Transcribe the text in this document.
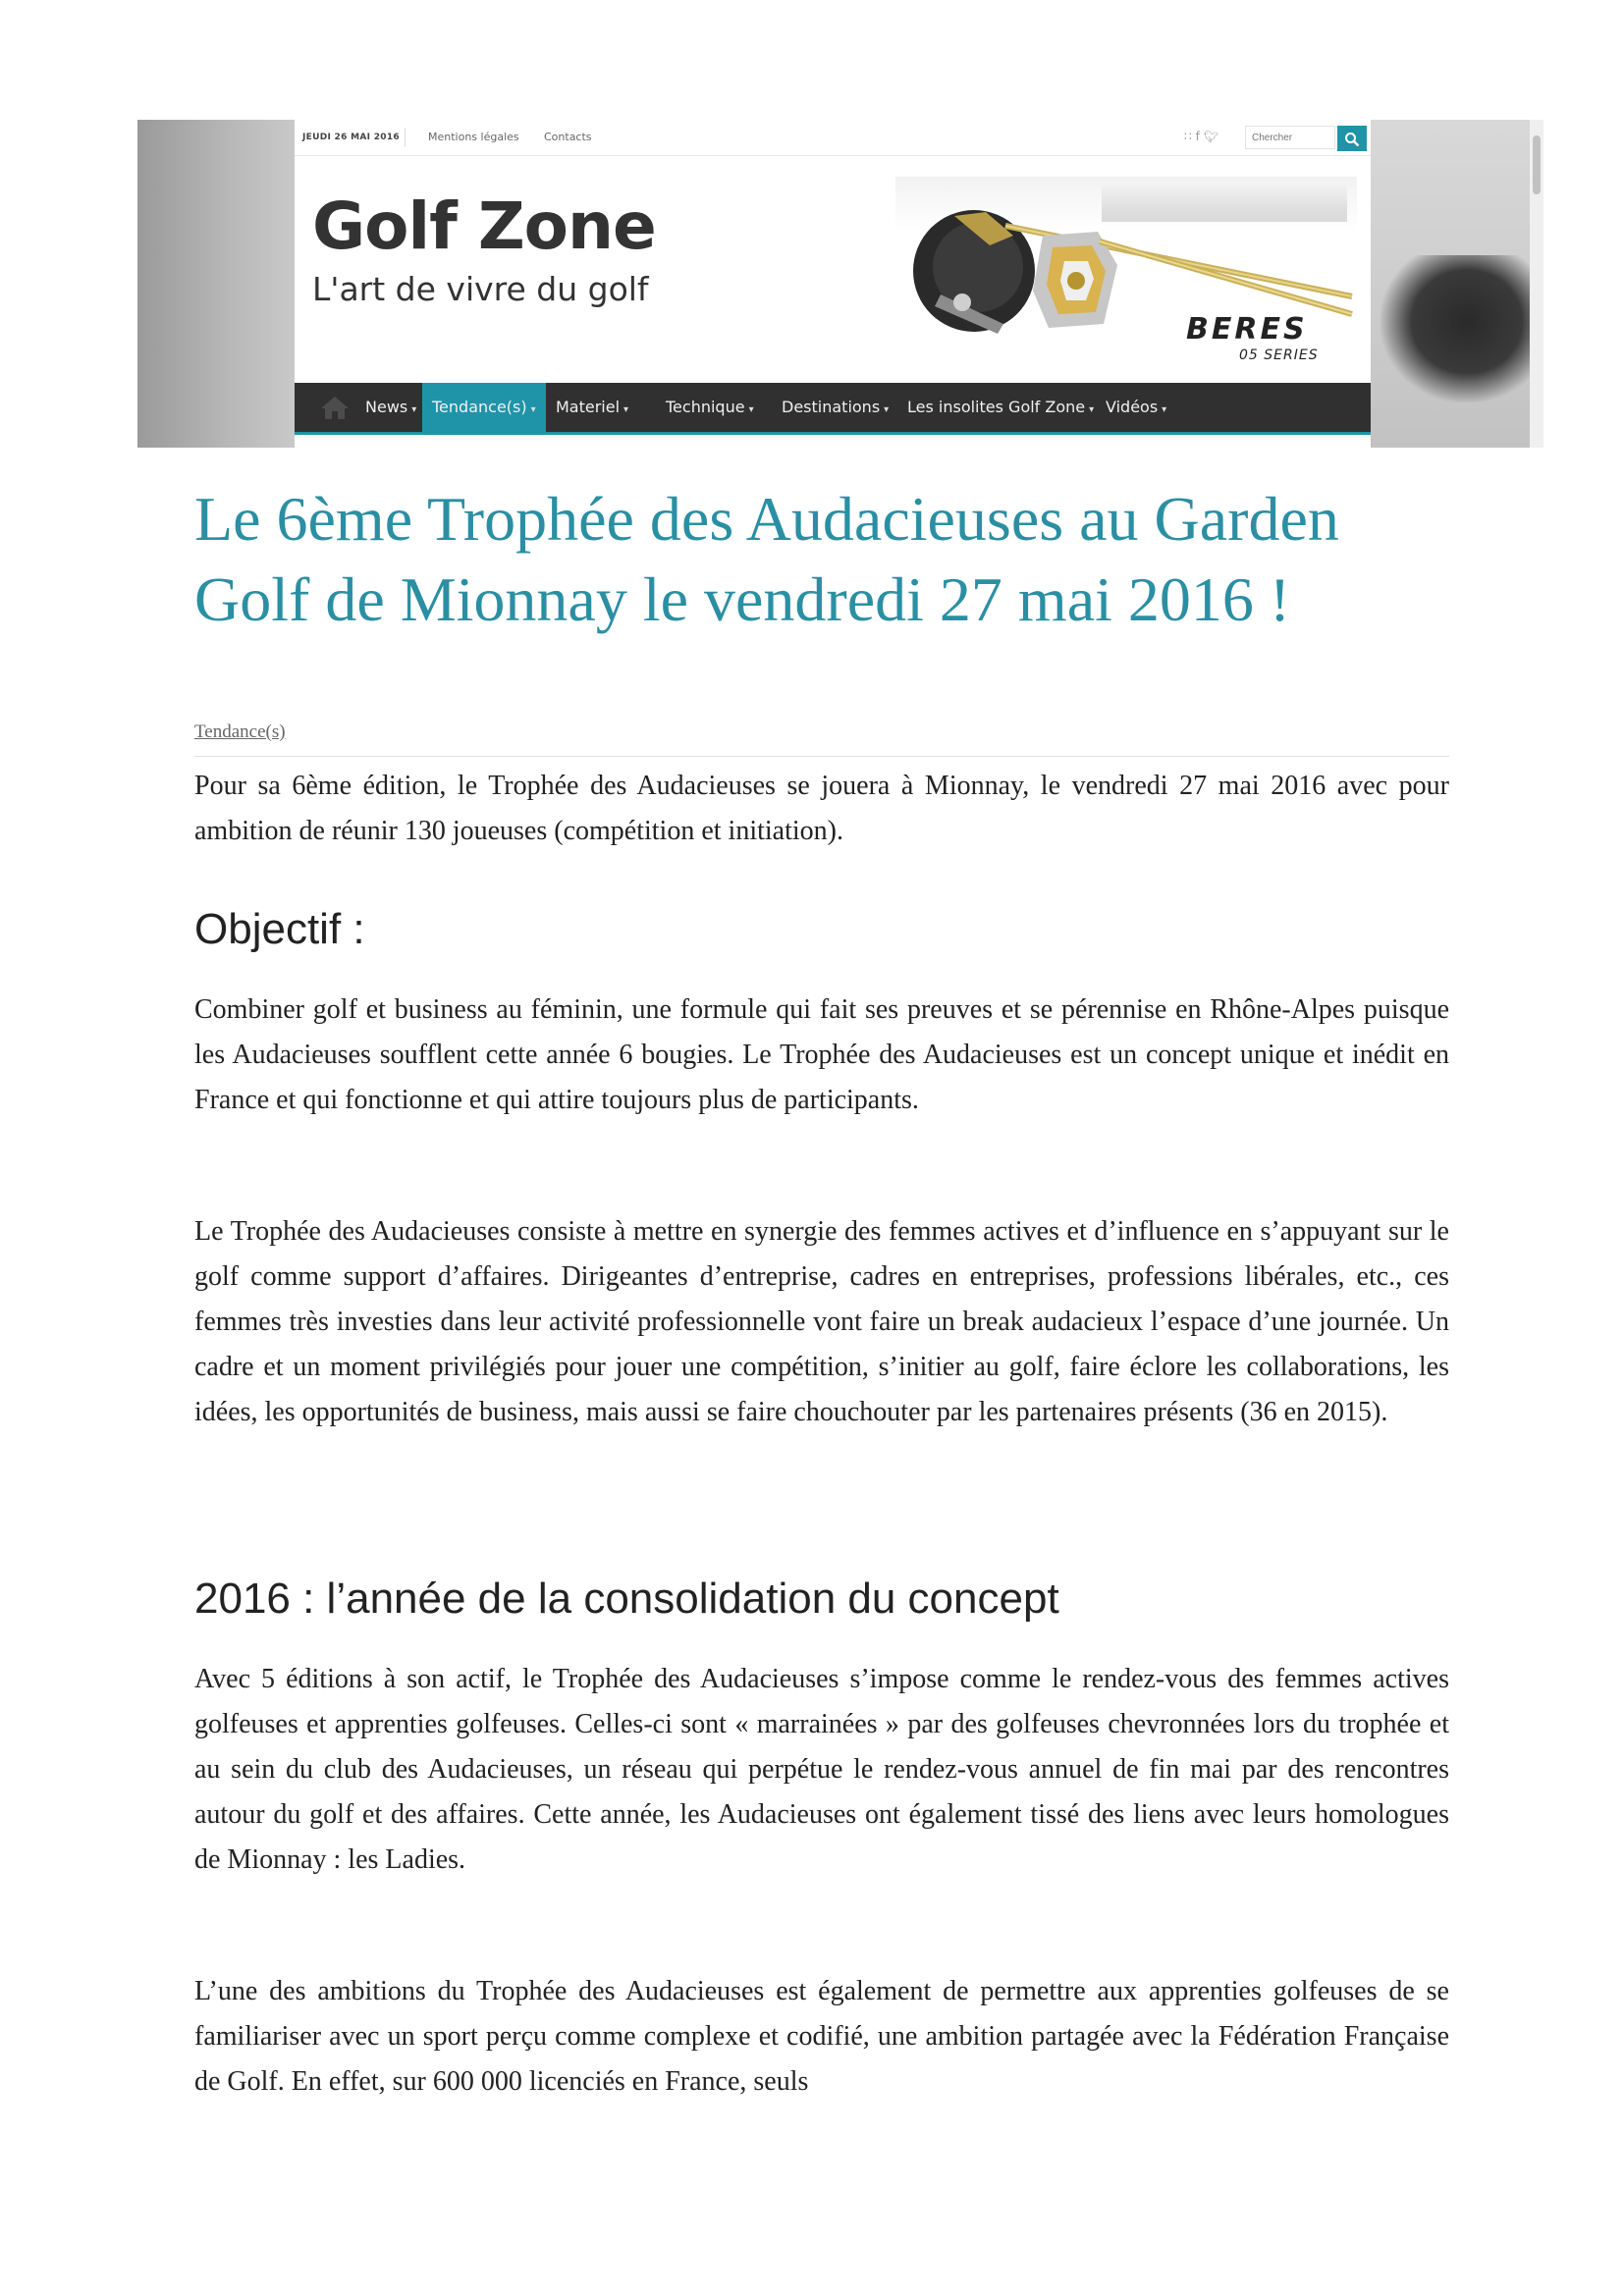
JEUDI 26 MAI 2016	Mentions légales Contacts	∷f🐦︎
Chercher
Golf Zone
L'art de vivre du golf
BERES
05 SERIES
News ▾ Tendance(s) ▾	Materiel ▾ Technique ▾ Destinations ▾ Les insolites Golf Zone ▾ Vidéos ▾
Le 6ème Trophée des Audacieuses au Garden Golf de Mionnay le vendredi 27 mai 2016 !
Tendance(s)

Pour sa 6ème édition, le Trophée des Audacieuses se jouera à Mionnay, le vendredi 27 mai 2016 avec pour ambition de réunir 130 joueuses (compétition et initiation).

Objectif :

Combiner golf et business au féminin, une formule qui fait ses preuves et se pérennise en Rhône-Alpes puisque les Audacieuses soufflent cette année 6 bougies. Le Trophée des Audacieuses est un concept unique et inédit en France et qui fonctionne et qui attire toujours plus de participants.

Le Trophée des Audacieuses consiste à mettre en synergie des femmes actives et d’influence en s’appuyant sur le golf comme support d’affaires. Dirigeantes d’entreprise, cadres en entreprises, professions libérales, etc., ces femmes très investies dans leur activité professionnelle vont faire un break audacieux l’espace d’une journée. Un cadre et un moment privilégiés pour jouer une compétition, s’initier au golf, faire éclore les collaborations, les idées, les opportunités de business, mais aussi se faire chouchouter par les partenaires présents (36 en 2015).

2016 : l’année de la consolidation du concept

Avec 5 éditions à son actif, le Trophée des Audacieuses s’impose comme le rendez-vous des femmes actives golfeuses et apprenties golfeuses. Celles-ci sont « marrainées » par des golfeuses chevronnées lors du trophée et au sein du club des Audacieuses, un réseau qui perpétue le rendez-vous annuel de fin mai par des rencontres autour du golf et des affaires. Cette année, les Audacieuses ont également tissé des liens avec leurs homologues de Mionnay : les Ladies.

L’une des ambitions du Trophée des Audacieuses est également de permettre aux apprenties golfeuses de se familiariser avec un sport perçu comme complexe et codifié, une ambition partagée avec la Fédération Française de Golf. En effet, sur 600 000 licenciés en France, seuls
